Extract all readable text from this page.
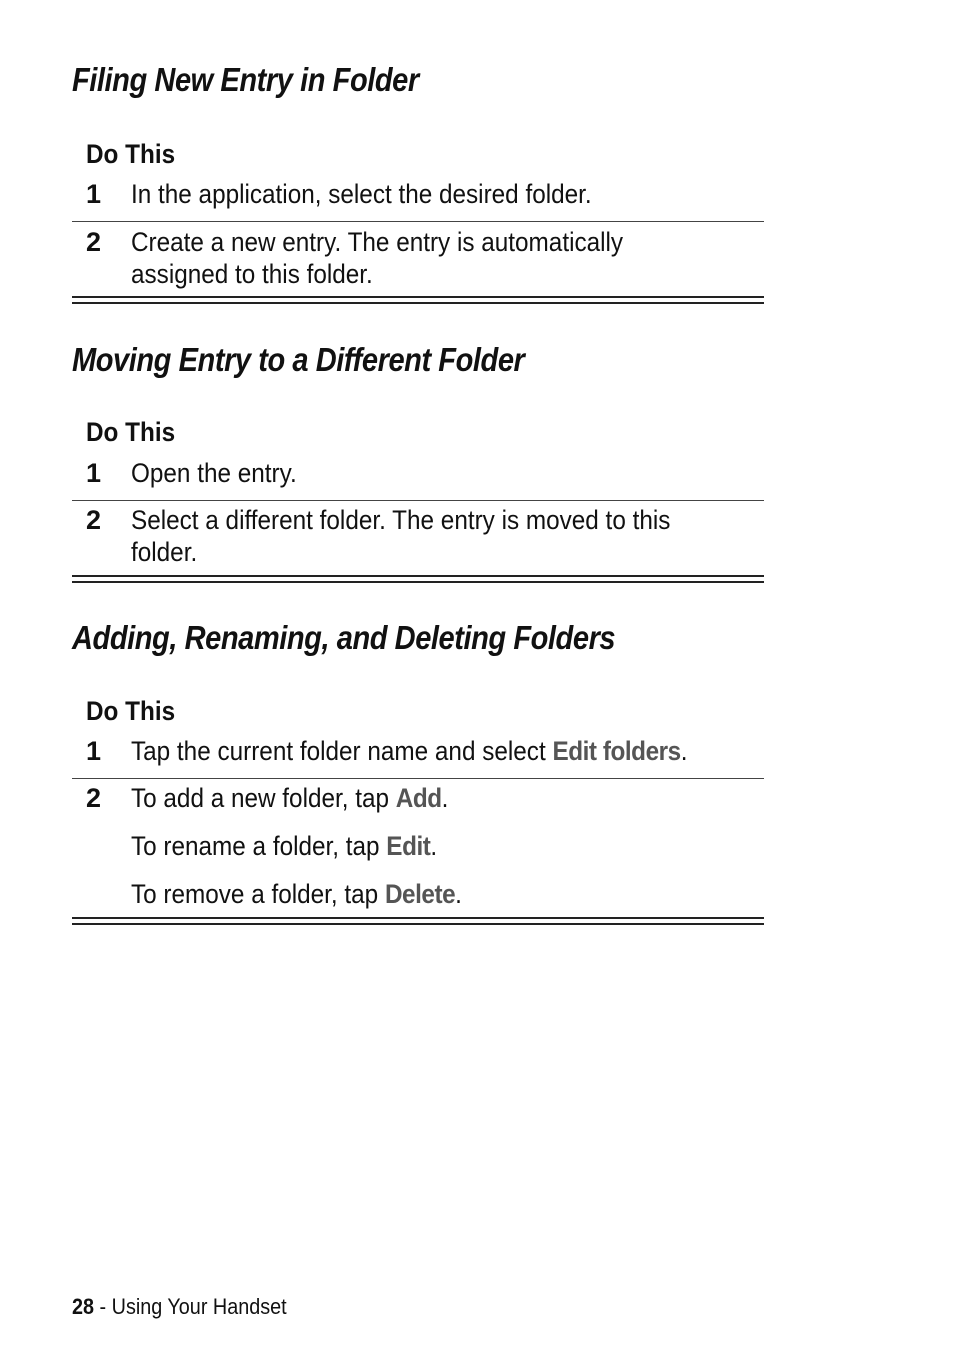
Filing New Entry in Folder
Do This
1 In the application, select the desired folder.
2 Create a new entry. The entry is automatically
assigned to this folder.
Moving Entry to a Different Folder
Do This
1 Open the entry.
2 Select a different folder. The entry is moved to this
folder.
Adding, Renaming, and Deleting Folders
Do This
1 Tap the current folder name and select Edit folders.
2 To add a new folder, tap Add.
To rename a folder, tap Edit.
To remove a folder, tap Delete.
28 - Using Your Handset
